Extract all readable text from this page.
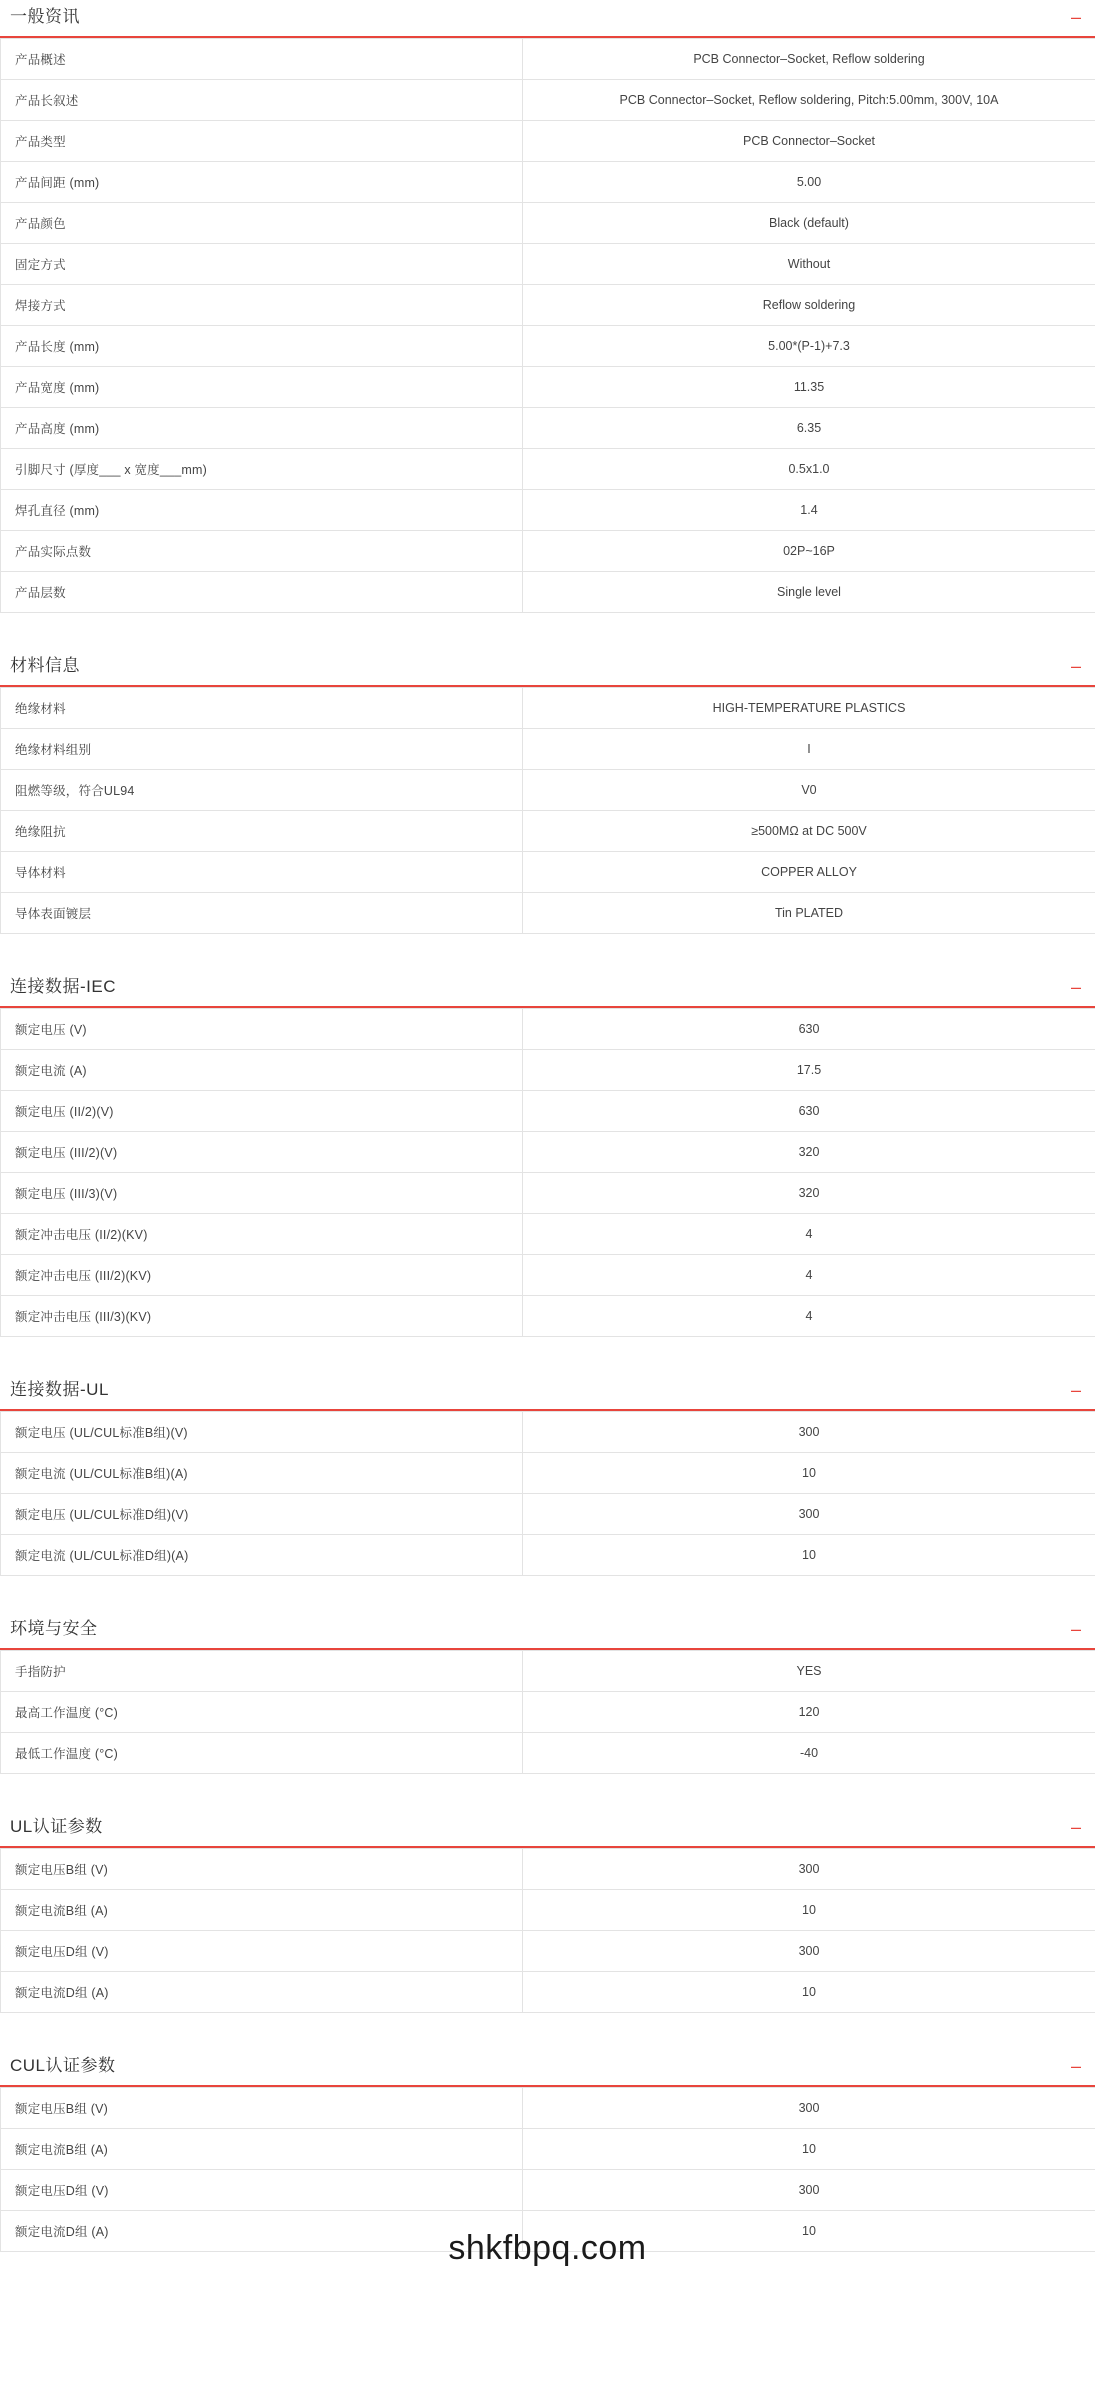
一般资讯	–
产品概述	PCB Connector–Socket, Reflow soldering
产品长叙述	PCB Connector–Socket, Reflow soldering, Pitch:5.00mm, 300V, 10A
产品类型	PCB Connector–Socket
产品间距 (mm)	5.00
产品颜色	Black (default)
固定方式	Without
焊接方式	Reflow soldering
产品长度 (mm)	5.00*(P-1)+7.3
产品宽度 (mm)	11.35
产品高度 (mm)	6.35
引脚尺寸 (厚度___ x 宽度___mm)	0.5x1.0
焊孔直径 (mm)	1.4
产品实际点数	02P~16P
产品层数	Single level
材料信息	–
绝缘材料	HIGH-TEMPERATURE PLASTICS
绝缘材料组别	I
阻燃等级，符合UL94	V0
绝缘阻抗	≥500MΩ at DC 500V
导体材料	COPPER ALLOY
导体表面镀层	Tin PLATED
连接数据-IEC	–
额定电压 (V)	630
额定电流 (A)	17.5
额定电压 (II/2)(V)	630
额定电压 (III/2)(V)	320
额定电压 (III/3)(V)	320
额定冲击电压 (II/2)(KV)	4
额定冲击电压 (III/2)(KV)	4
额定冲击电压 (III/3)(KV)	4
连接数据-UL	–
额定电压 (UL/CUL标准B组)(V)	300
额定电流 (UL/CUL标准B组)(A)	10
额定电压 (UL/CUL标准D组)(V)	300
额定电流 (UL/CUL标准D组)(A)	10
环境与安全	–
手指防护	YES
最高工作温度 (°C)	120
最低工作温度 (°C)	-40
UL认证参数	–
额定电压B组 (V)	300
额定电流B组 (A)	10
额定电压D组 (V)	300
额定电流D组 (A)	10
CUL认证参数	–
额定电压B组 (V)	300
额定电流B组 (A)	10
额定电压D组 (V)	300
额定电流D组 (A)	10
shkfbpq.com
